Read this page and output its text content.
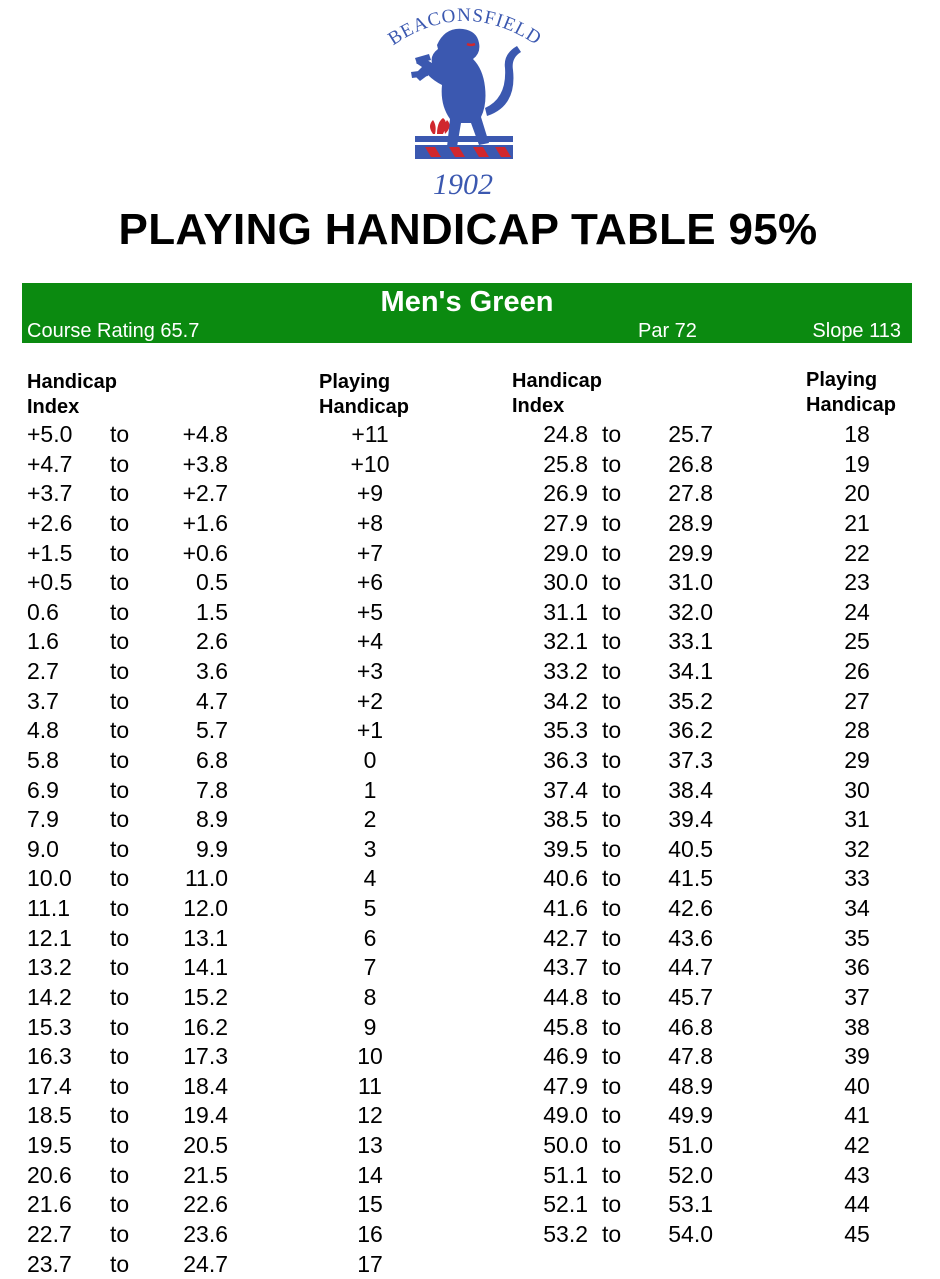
BEACONSFIELD
1902
PLAYING HANDICAP TABLE 95%
Men's Green
Course Rating 65.7	Par 72	Slope 113
Handicap
Index
Playing
Handicap
Handicap
Index
Playing
Handicap
+5.0 to	+4.8	+11
+4.7 to	+3.8	+10
+3.7 to	+2.7	+9
+2.6 to	+1.6	+8
+1.5 to	+0.6	+7
+0.5 to	0.5	+6
0.6 to	1.5	+5
1.6 to	2.6	+4
2.7 to	3.6	+3
3.7 to	4.7	+2
4.8 to	5.7	+1
5.8 to	6.8	0
6.9 to	7.8	1
7.9 to	8.9	2
9.0 to	9.9	3
10.0 to	11.0	4
11.1 to	12.0	5
12.1 to	13.1	6
13.2 to	14.1	7
14.2 to	15.2	8
15.3 to	16.2	9
16.3 to	17.3	10
17.4 to	18.4	11
18.5 to	19.4	12
19.5 to	20.5	13
20.6 to	21.5	14
21.6 to	22.6	15
22.7 to	23.6	16
23.7 to	24.7	17
24.8 to	25.7	18
25.8 to	26.8	19
26.9 to	27.8	20
27.9 to	28.9	21
29.0 to	29.9	22
30.0 to	31.0	23
31.1 to	32.0	24
32.1 to	33.1	25
33.2 to	34.1	26
34.2 to	35.2	27
35.3 to	36.2	28
36.3 to	37.3	29
37.4 to	38.4	30
38.5 to	39.4	31
39.5 to	40.5	32
40.6 to	41.5	33
41.6 to	42.6	34
42.7 to	43.6	35
43.7 to	44.7	36
44.8 to	45.7	37
45.8 to	46.8	38
46.9 to	47.8	39
47.9 to	48.9	40
49.0 to	49.9	41
50.0 to	51.0	42
51.1 to	52.0	43
52.1 to	53.1	44
53.2 to	54.0	45
